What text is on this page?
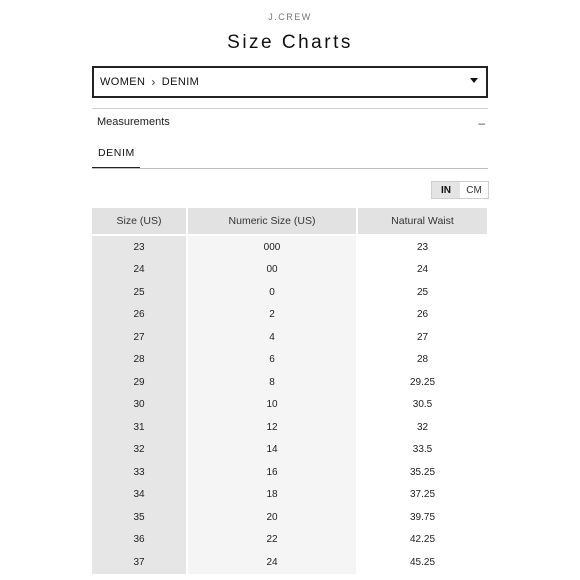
J.CREW
Size Charts
WOMEN › DENIM
Measurements	–
DENIM
IN	CM
Size (US)	Numeric Size (US)	Natural Waist
23	000	23
24	00	24
25	0	25
26	2	26
27	4	27
28	6	28
29	8	29.25
30	10	30.5
31	12	32
32	14	33.5
33	16	35.25
34	18	37.25
35	20	39.75
36	22	42.25
37	24	45.25
